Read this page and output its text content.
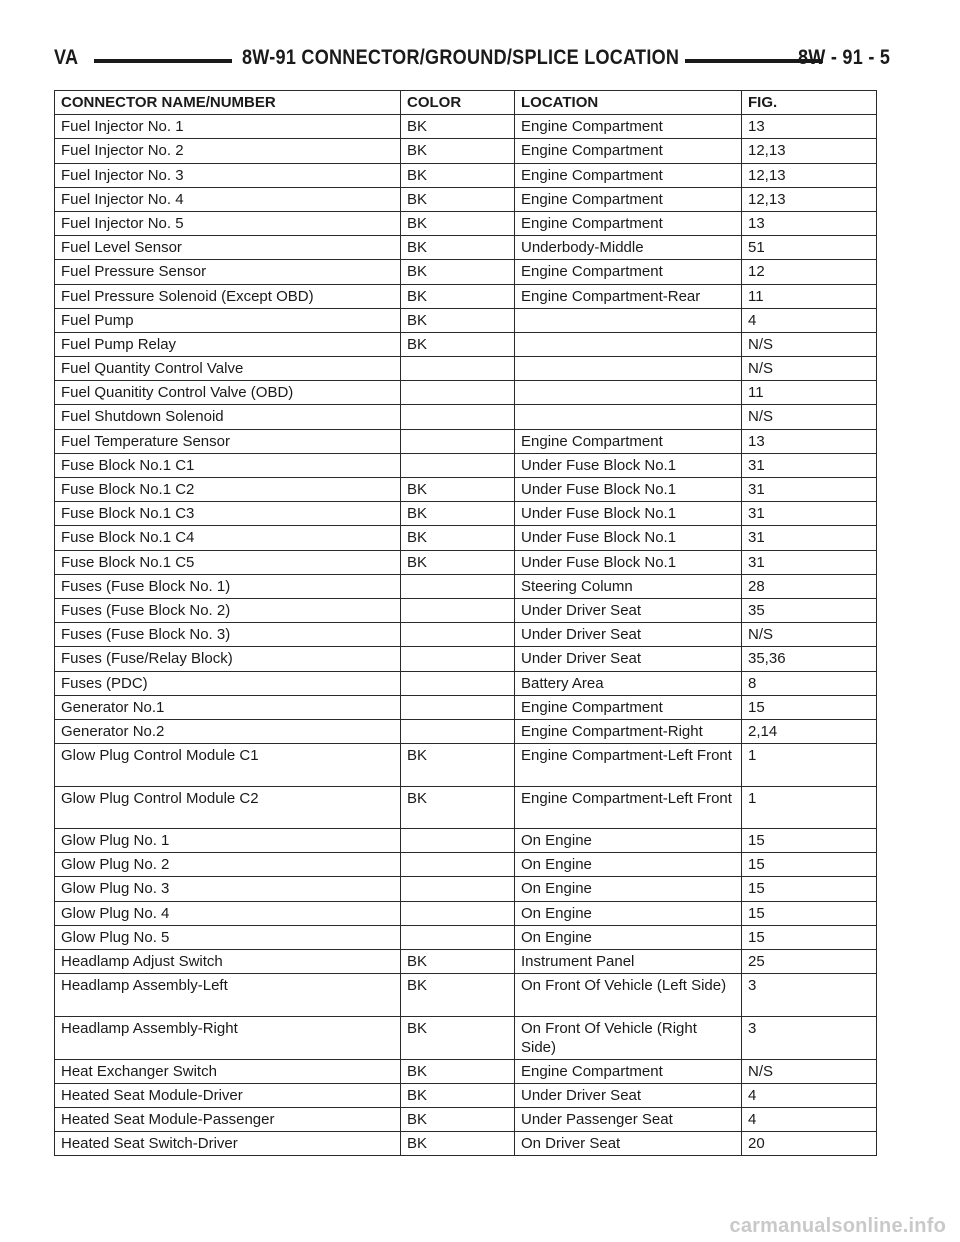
VA	8W-91 CONNECTOR/GROUND/SPLICE LOCATION	8W - 91 - 5
CONNECTOR NAME/NUMBER	COLOR	LOCATION	FIG.
Fuel Injector No. 1	BK	Engine Compartment	13
Fuel Injector No. 2	BK	Engine Compartment	12,13
Fuel Injector No. 3	BK	Engine Compartment	12,13
Fuel Injector No. 4	BK	Engine Compartment	12,13
Fuel Injector No. 5	BK	Engine Compartment	13
Fuel Level Sensor	BK	Underbody-Middle	51
Fuel Pressure Sensor	BK	Engine Compartment	12
Fuel Pressure Solenoid (Except OBD)	BK	Engine Compartment-Rear	11
Fuel Pump	BK		4
Fuel Pump Relay	BK		N/S
Fuel Quantity Control Valve			N/S
Fuel Quanitity Control Valve (OBD)			11
Fuel Shutdown Solenoid			N/S
Fuel Temperature Sensor		Engine Compartment	13
Fuse Block No.1 C1		Under Fuse Block No.1	31
Fuse Block No.1 C2	BK	Under Fuse Block No.1	31
Fuse Block No.1 C3	BK	Under Fuse Block No.1	31
Fuse Block No.1 C4	BK	Under Fuse Block No.1	31
Fuse Block No.1 C5	BK	Under Fuse Block No.1	31
Fuses (Fuse Block No. 1)		Steering Column	28
Fuses (Fuse Block No. 2)		Under Driver Seat	35
Fuses (Fuse Block No. 3)		Under Driver Seat	N/S
Fuses (Fuse/Relay Block)		Under Driver Seat	35,36
Fuses (PDC)		Battery Area	8
Generator No.1		Engine Compartment	15
Generator No.2		Engine Compartment-Right	2,14
Glow Plug Control Module C1	BK	Engine Compartment-Left Front	1
Glow Plug Control Module C2	BK	Engine Compartment-Left Front	1
Glow Plug No. 1		On Engine	15
Glow Plug No. 2		On Engine	15
Glow Plug No. 3		On Engine	15
Glow Plug No. 4		On Engine	15
Glow Plug No. 5		On Engine	15
Headlamp Adjust Switch	BK	Instrument Panel	25
Headlamp Assembly-Left	BK	On Front Of Vehicle (Left Side)	3
Headlamp Assembly-Right	BK	On Front Of Vehicle (Right Side)	3
Heat Exchanger Switch	BK	Engine Compartment	N/S
Heated Seat Module-Driver	BK	Under Driver Seat	4
Heated Seat Module-Passenger	BK	Under Passenger Seat	4
Heated Seat Switch-Driver	BK	On Driver Seat	20
carmanualsonline.info
